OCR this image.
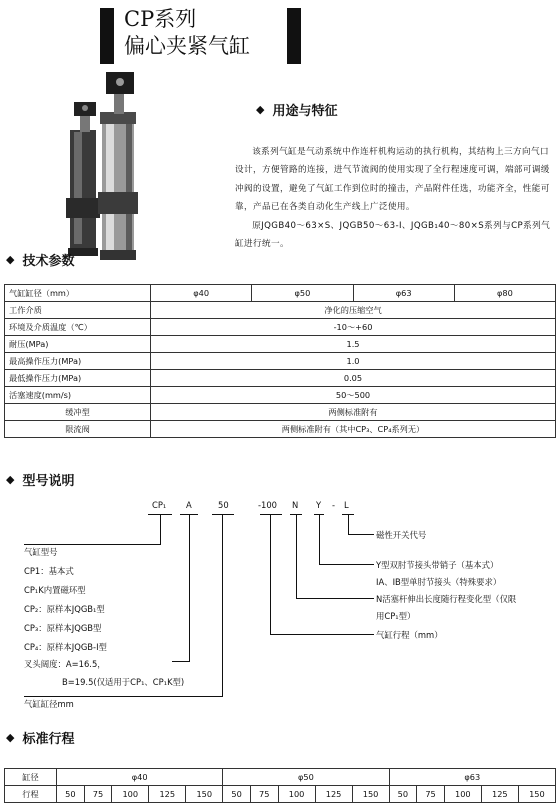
CP系列
偏心夹紧气缸
◆ 用途与特征

该系列气缸是气动系统中作连杆机构运动的执行机构，其结构上三方向气口设计，方便管路的连接，进气节流阀的使用实现了全行程速度可调，端部可调缓冲阀的设置，避免了气缸工作到位时的撞击，产品附件任选，功能齐全，性能可靠，产品已在各类自动化生产线上广泛使用。

原JQGB40～63×S、JQGB50～63-Ⅰ、JQGB₁40～80×S系列与CP系列气缸进行统一。

◆ 技术参数
气缸缸径（mm）	φ40	φ50	φ63	φ80
工作介质	净化的压缩空气			
环境及介质温度（℃）	-10～+60			
耐压(MPa)	1.5			
最高操作压力(MPa)	1.0			
最低操作压力(MPa)	0.05			
活塞速度(mm/s)	50～500			
缓冲型	两侧标准附有			
限流阀	两侧标准附有（其中CP₃、CP₄系列无）			
◆ 型号说明
CP₁ A	50	-100 N Y - L
气缸型号
CP1：基本式
CP₁K内置磁环型
CP₂：原样本JQGB₁型
CP₃：原样本JQGB型
CP₄：原样本JQGB-Ⅰ型
叉头阔度：A=16.5，
B=19.5(仅适用于CP₁、CP₁K型)
气缸缸径mm
磁性开关代号
Y型双肘节接头带销子（基本式）
IA、IB型单肘节接头（特殊要求）
N活塞杆伸出长度随行程变化型（仅限
用CP₁型）
气缸行程（mm）
◆ 标准行程
缸径	φ40					φ50					φ63				
行程	50	75	100	125	150	50	75	100	125	150	50	75	100	125	150
